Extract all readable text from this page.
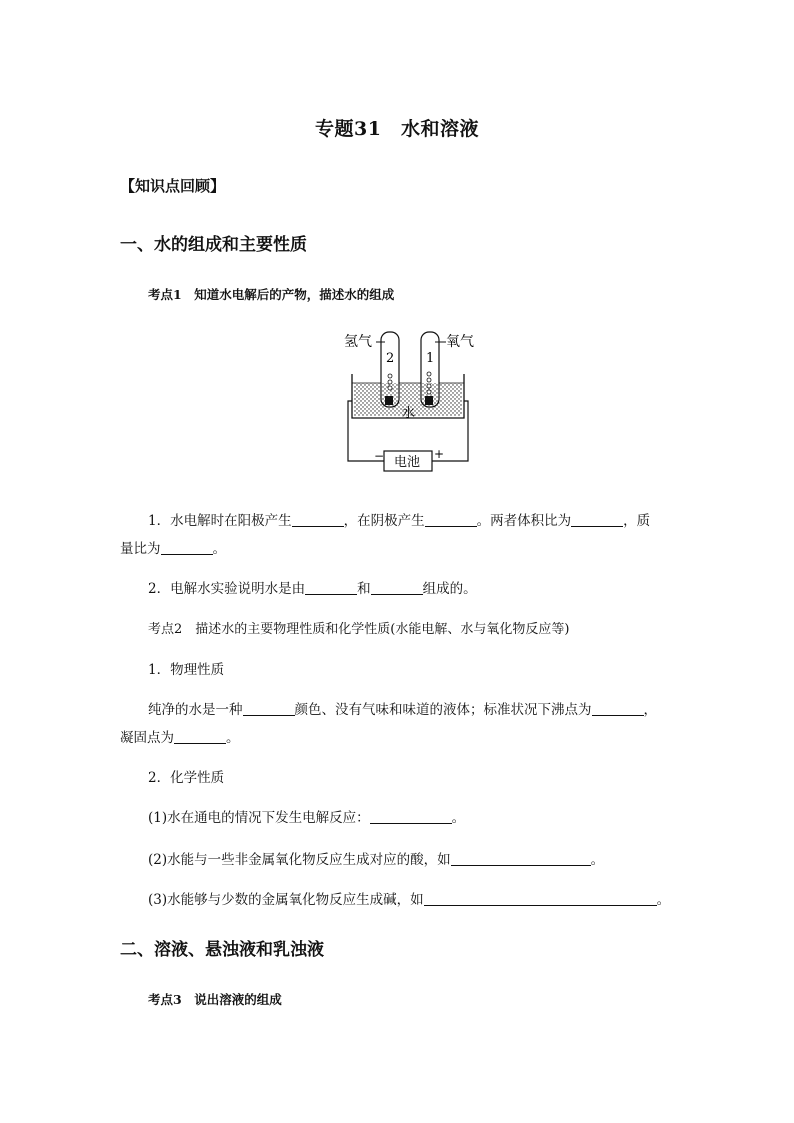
专题31　水和溶液
【知识点回顾】
一、水的组成和主要性质
考点1　知道水电解后的产物，描述水的组成
氢气	氧气
2 1
水
电池
−	+
1．水电解时在阳极产生	，在阴极产生	。两者体积比为	，质
量比为	。
2．电解水实验说明水是由	和	组成的。
考点2　描述水的主要物理性质和化学性质(水能电解、水与氧化物反应等)
1．物理性质
纯净的水是一种	颜色、没有气味和味道的液体；标准状况下沸点为	，
凝固点为	。
2．化学性质
(1)水在通电的情况下发生电解反应：	。
(2)水能与一些非金属氧化物反应生成对应的酸，如	。
(3)水能够与少数的金属氧化物反应生成碱，如	。
二、溶液、悬浊液和乳浊液
考点3　说出溶液的组成
